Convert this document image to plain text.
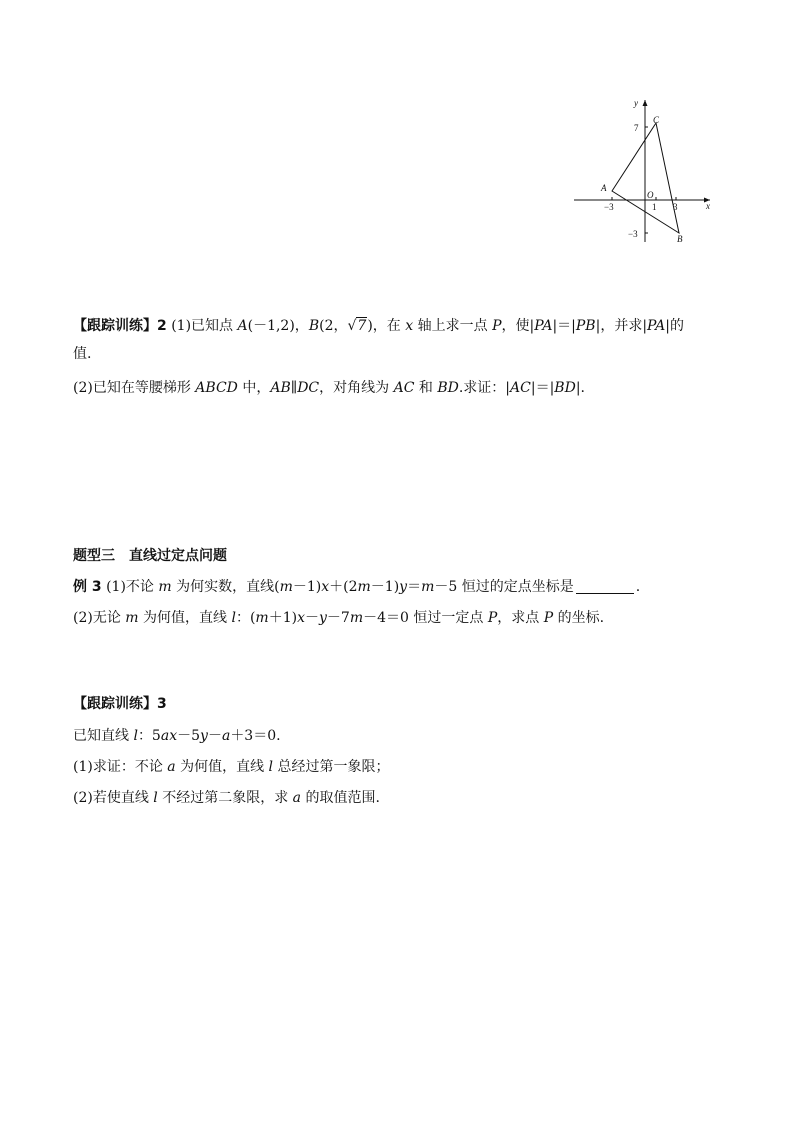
x
y
O
A
B
C
7
−3
−3	1 3
【跟踪训练】2 (1)已知点 A(－1,2)，B(2，√7)，在 x 轴上求一点 P，使|PA|＝|PB|，并求|PA|的
值.
(2)已知在等腰梯形 ABCD 中，AB∥DC，对角线为 AC 和 BD.求证：|AC|＝|BD|.
题型三　直线过定点问题
例 3 (1)不论 m 为何实数，直线(m－1)x＋(2m－1)y＝m－5 恒过的定点坐标是	.
(2)无论 m 为何值，直线 l：(m＋1)x－y－7m－4＝0 恒过一定点 P，求点 P 的坐标.
【跟踪训练】3
已知直线 l：5ax－5y－a＋3＝0.
(1)求证：不论 a 为何值，直线 l 总经过第一象限；
(2)若使直线 l 不经过第二象限，求 a 的取值范围.
